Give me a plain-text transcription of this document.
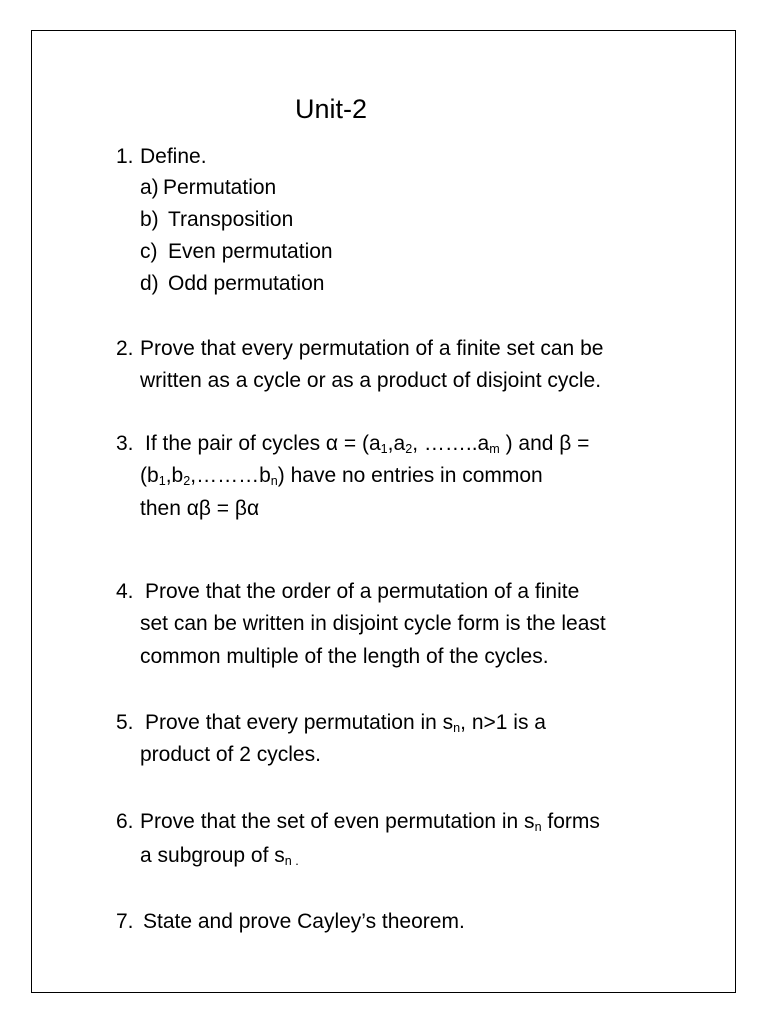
Unit-2
1. Define.
a) Permutation
b) Transposition
c) Even permutation
d) Odd permutation
2. Prove that every permutation of a finite set can be
written as a cycle or as a product of disjoint cycle.
3. If the pair of cycles $\alpha = (a_1,a_2$, $\dots\dots..a_m$ ) and β =
$(b_1,b_2,\dots\dots\dots b_n)$ have no entries in common
then αβ = βα
4. Prove that the order of a permutation of a finite
set can be written in disjoint cycle form is the least
common multiple of the length of the cycles.
5. Prove that every permutation in $s_n$, n>1 is a
product of 2 cycles.
6. Prove that the set of even permutation in $s_n$ forms
a subgroup of $s_{n .}$
7. State and prove Cayley’s theorem.
